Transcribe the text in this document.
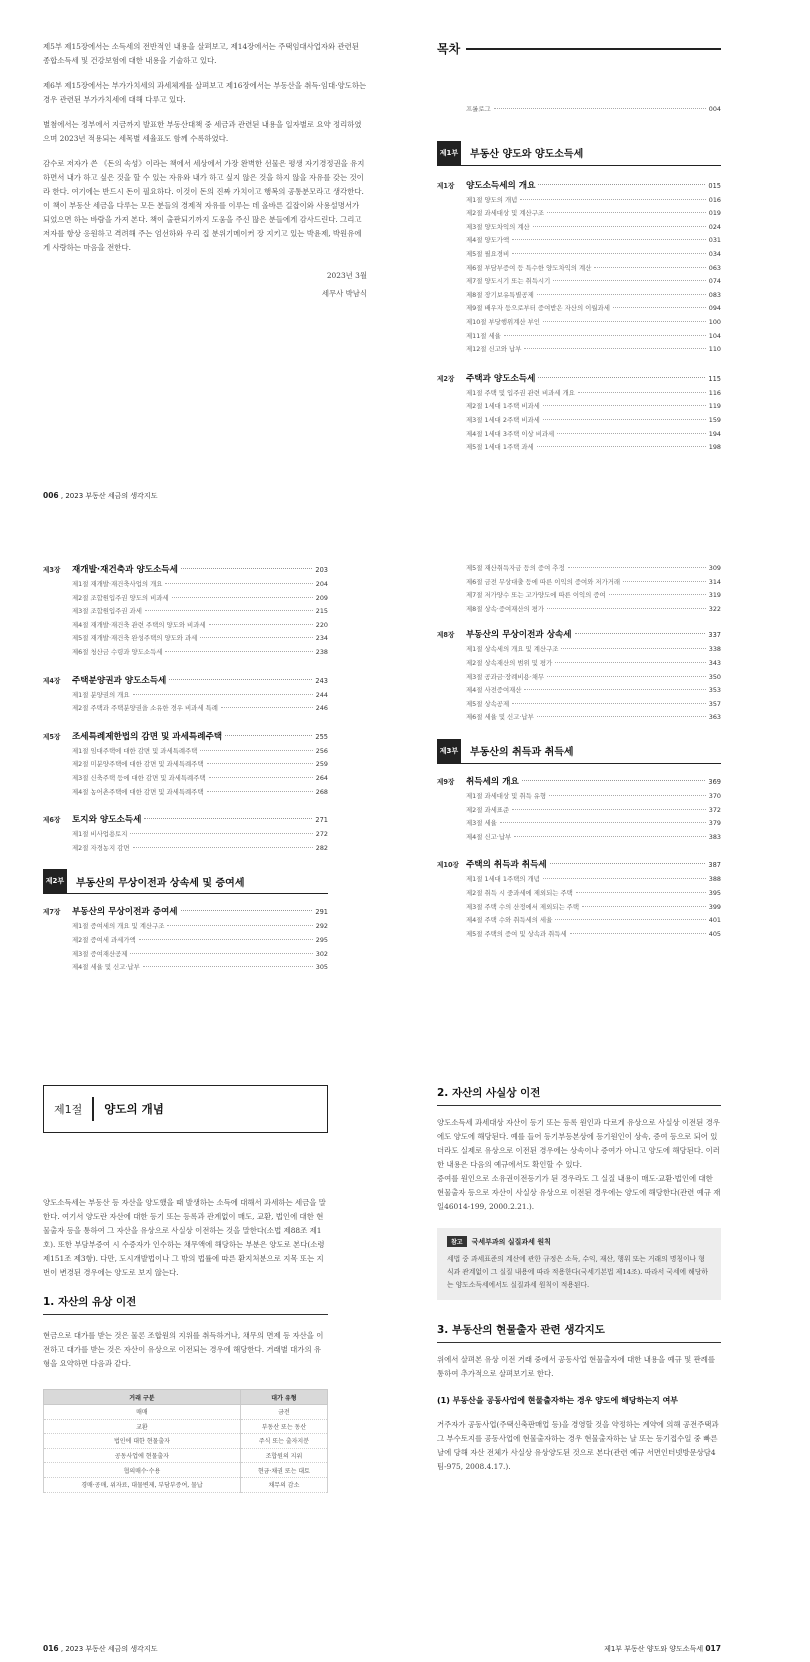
제5부 제15장에서는 소득세의 전반적인 내용을 살펴보고, 제14장에서는 주택임대사업자와 관련된 종합소득세 및 건강보험에 대한 내용을 기술하고 있다.

제6부 제15장에서는 부가가치세의 과세체계를 살펴보고 제16장에서는 부동산을 취득·임대·양도하는 경우 관련된 부가가치세에 대해 다루고 있다.

별첨에서는 정부에서 지금까지 발표한 부동산대책 중 세금과 관련된 내용을 일자별로 요약 정리하였으며 2023년 적용되는 세목별 세율표도 함께 수록하였다.

감수로 저자가 쓴 《돈의 속성》이라는 책에서 세상에서 가장 완벽한 선물은 평생 자기경정권을 유지하면서 내가 하고 싶은 것을 할 수 있는 자유와 내가 하고 싶지 않은 것을 하지 않을 자유를 갖는 것이라 한다. 여기에는 반드시 돈이 필요하다. 이것이 돈의 진짜 가치이고 행복의 공통분모라고 생각한다. 이 책이 부동산 세금을 다루는 모든 분들의 경제적 자유를 이루는 데 올바른 길잡이와 사용설명서가 되었으면 하는 바람을 가져 본다. 책이 출판되기까지 도움을 주신 많은 분들에게 감사드린다. 그리고 저자를 항상 응원하고 격려해 주는 엄선하와 우리 집 분위기메이커 장 지키고 있는 박윤제, 박원유에게 사랑하는 마음을 전한다.

2023년 3월
세무사 박남식
006 , 2023 부동산 세금의 생각지도
목차
프롤로그	004
제1부 부동산 양도와 양도소득세
제1장	양도소득세의 개요	015
제1절 양도의 개념	016
제2절 과세대상 및 계산구조	019
제3절 양도차익의 계산	024
제4절 양도가액	031
제5절 필요경비	034
제6절 부담부증여 등 특수한 양도차익의 계산	063
제7절 양도시기 또는 취득시기	074
제8절 장기보유특별공제	083
제9절 배우자 등으로부터 증여받은 자산의 이월과세	094
제10절 부당행위계산 부인	100
제11절 세율	104
제12절 신고와 납부	110
제2장	주택과 양도소득세	115
제1절 주택 및 입주권 관련 비과세 개요	116
제2절 1세대 1주택 비과세	119
제3절 1세대 2주택 비과세	159
제4절 1세대 3주택 이상 비과세	194
제5절 1세대 1주택 과세	198
제3장	재개발·재건축과 양도소득세	203
제1절 재개발·재건축사업의 개요	204
제2절 조합원입주권 양도의 비과세	209
제3절 조합원입주권 과세	215
제4절 재개발·재건축 관련 주택의 양도와 비과세	220
제5절 재개발·재건축 완성주택의 양도와 과세	234
제6절 청산금 수령과 양도소득세	238
제4장	주택분양권과 양도소득세	243
제1절 분양권의 개요	244
제2절 주택과 주택분양권을 소유한 경우 비과세 특례	246
제5장	조세특례제한법의 감면 및 과세특례주택	255
제1절 임대주택에 대한 감면 및 과세특례주택	256
제2절 미분양주택에 대한 감면 및 과세특례주택	259
제3절 신축주택 등에 대한 감면 및 과세특례주택	264
제4절 농어촌주택에 대한 감면 및 과세특례주택	268
제6장	토지와 양도소득세	271
제1절 비사업용토지	272
제2절 자경농지 감면	282
제2부 부동산의 무상이전과 상속세 및 증여세
제7장	부동산의 무상이전과 증여세	291
제1절 증여세의 개요 및 계산구조	292
제2절 증여세 과세가액	295
제3절 증여재산공제	302
제4절 세율 및 신고·납부	305
제5절 재산취득자금 등의 증여 추정	309
제6절 금전 무상대출 등에 따른 이익의 증여와 저가거래	314
제7절 저가양수 또는 고가양도에 따른 이익의 증여	319
제8절 상속·증여재산의 평가	322
제8장	부동산의 무상이전과 상속세	337
제1절 상속세의 개요 및 계산구조	338
제2절 상속재산의 범위 및 평가	343
제3절 공과금·장례비용·채무	350
제4절 사전증여재산	353
제5절 상속공제	357
제6절 세율 및 신고·납부	363
제3부 부동산의 취득과 취득세
제9장	취득세의 개요	369
제1절 과세대상 및 취득 유형	370
제2절 과세표준	372
제3절 세율	379
제4절 신고·납부	383
제10장 주택의 취득과 취득세	387
제1절 1세대 1주택의 개념	388
제2절 취득 시 중과세에 제외되는 주택	395
제3절 주택 수의 산정에서 제외되는 주택	399
제4절 주택 수와 취득세의 세율	401
제5절 주택의 증여 및 상속과 취득세	405
제1절	양도의 개념

양도소득세는 부동산 등 자산을 양도했을 때 발생하는 소득에 대해서 과세하는 세금을 말한다. 여기서 양도란 자산에 대한 등기 또는 등록과 관계없이 매도, 교환, 법인에 대한 현물출자 등을 통하여 그 자산을 유상으로 사실상 이전하는 것을 말한다(소법 제88조 제1호). 또한 부담부증여 시 수증자가 인수하는 채무액에 해당하는 부분은 양도로 본다(소령 제151조 제3항). 다만, 도시개발법이나 그 밖의 법률에 따른 환지처분으로 지목 또는 지번이 변경된 경우에는 양도로 보지 않는다.

1. 자산의 유상 이전

현금으로 대가를 받는 것은 물론 조합원의 지위를 취득하거나, 채무의 면제 등 자산을 이전하고 대가를 받는 것은 자산이 유상으로 이전되는 경우에 해당한다. 거래별 대가의 유형을 요약하면 다음과 같다.

거래 구분	대가 유형
매매	금전
교환	부동산 또는 동산
법인에 대한 현물출자	주식 또는 출자지분
공동사업에 현물출자	조합원의 지위
협의매수·수용	현금·채권 또는 대토
경매·공매, 위자료, 대물변제, 부담부증여, 물납	채무의 감소
016 , 2023 부동산 세금의 생각지도
2. 자산의 사실상 이전

양도소득세 과세대상 자산이 등기 또는 등록 원인과 다르게 유상으로 사실상 이전된 경우에도 양도에 해당된다. 예를 들어 등기부등본상에 등기원인이 상속, 증여 등으로 되어 있더라도 실제로 유상으로 이전된 경우에는 상속이나 증여가 아니고 양도에 해당된다. 이러한 내용은 다음의 예규에서도 확인할 수 있다.

증여를 원인으로 소유권이전등기가 된 경우라도 그 실질 내용이 매도·교환·법인에 대한 현물출자 등으로 자산이 사실상 유상으로 이전된 경우에는 양도에 해당한다(관련 예규 재일46014-199, 2000.2.21.).

참고	국세부과의 실질과세 원칙

세법 중 과세표준의 계산에 관한 규정은 소득, 수익, 재산, 행위 또는 거래의 명칭이나 형식과 관계없이 그 실질 내용에 따라 적용한다(국세기본법 제14조). 따라서 국세에 해당하는 양도소득세에서도 실질과세 원칙이 적용된다.

3. 부동산의 현물출자 관련 생각지도

위에서 살펴본 유상 이전 거래 중에서 공동사업 현물출자에 대한 내용을 예규 및 판례를 통하여 추가적으로 살펴보기로 한다.

(1) 부동산을 공동사업에 현물출자하는 경우 양도에 해당하는지 여부

거주자가 공동사업(주택신축판매업 등)을 경영할 것을 약정하는 계약에 의해 공전주택과 그 부수토지를 공동사업에 현물출자하는 경우 현물출자하는 날 또는 등기접수일 중 빠른 날에 당해 자산 전체가 사실상 유상양도된 것으로 본다(관련 예규 서면인터넷방문상담4팀-975, 2008.4.17.).

제1부 부동산 양도와 양도소득세 017
